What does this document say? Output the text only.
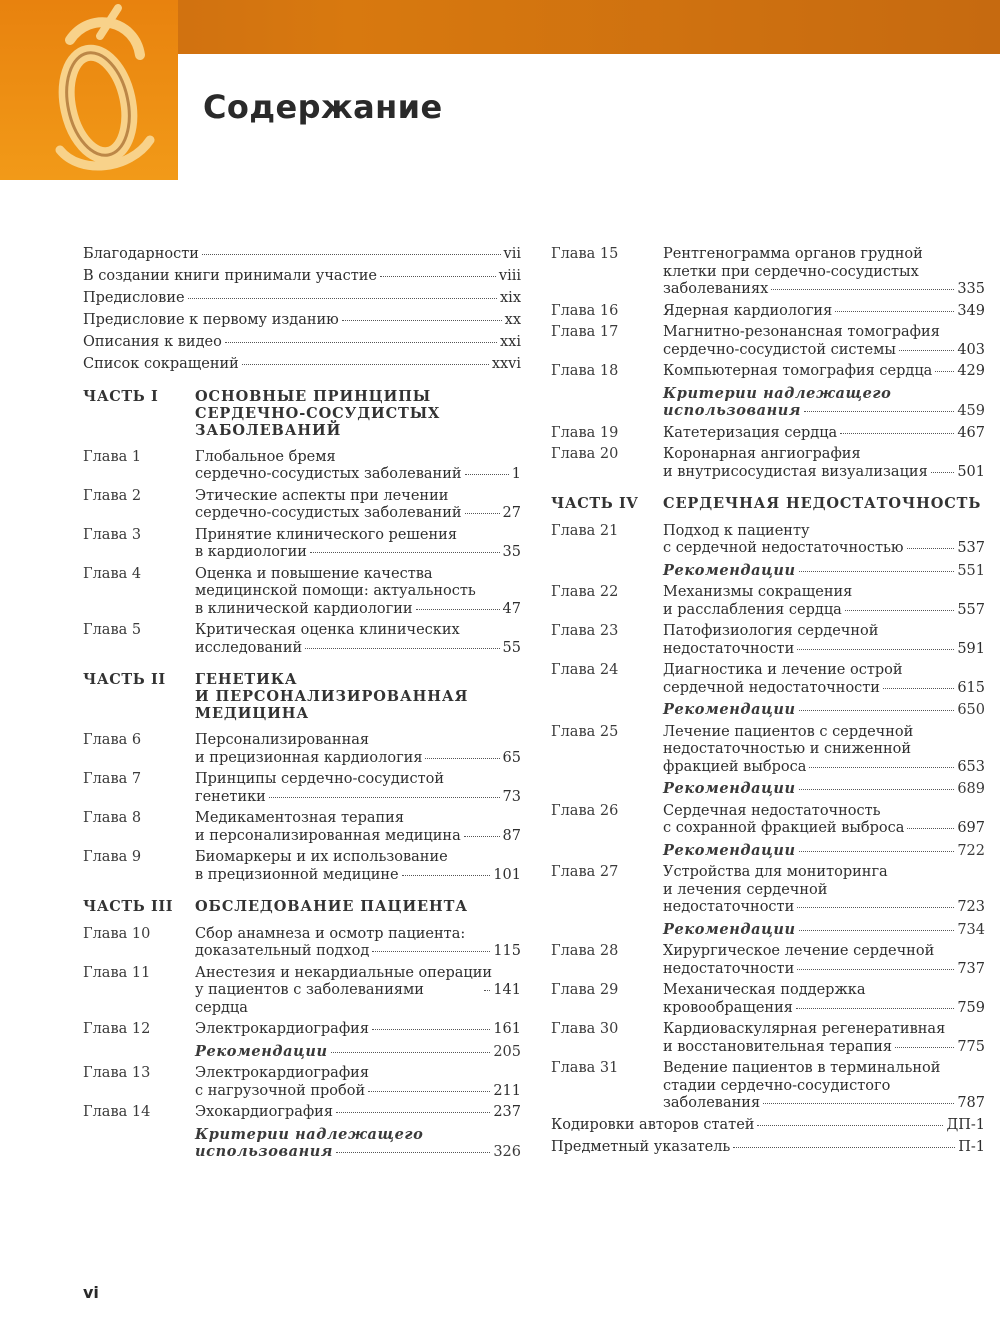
Содержание
Благодарности	vii
В создании книги принимали участие	viii
Предисловие	xix
Предисловие к первому изданию	xx
Описания к видео	xxi
Список сокращений	xxvi
ЧАСТЬ I	ОСНОВНЫЕ ПРИНЦИПЫ
СЕРДЕЧНО-СОСУДИСТЫХ
ЗАБОЛЕВАНИЙ
Глава 1	Глобальное бремя
сердечно-сосудистых заболеваний	1
Глава 2	Этические аспекты при лечении
сердечно-сосудистых заболеваний	27
Глава 3	Принятие клинического решения
в кардиологии	35
Глава 4	Оценка и повышение качества
медицинской помощи: актуальность
в клинической кардиологии	47
Глава 5	Критическая оценка клинических
исследований	55
ЧАСТЬ II	ГЕНЕТИКА
И ПЕРСОНАЛИЗИРОВАННАЯ
МЕДИЦИНА
Глава 6	Персонализированная
и прецизионная кардиология	65
Глава 7	Принципы сердечно-сосудистой
генетики	73
Глава 8	Медикаментозная терапия
и персонализированная медицина	87
Глава 9	Биомаркеры и их использование
в прецизионной медицине	101
ЧАСТЬ III	ОБСЛЕДОВАНИЕ ПАЦИЕНТА
Глава 10	Сбор анамнеза и осмотр пациента:
доказательный подход	115
Глава 11	Анестезия и некардиальные операции
у пациентов с заболеваниями сердца
141
Глава 12	Электрокардиография	161
Рекомендации	205
Глава 13	Электрокардиография
с нагрузочной пробой	211
Глава 14	Эхокардиография	237
Критерии надлежащего
использования	326
Глава 15	Рентгенограмма органов грудной
клетки при сердечно-сосудистых
заболеваниях	335
Глава 16	Ядерная кардиология	349
Глава 17	Магнитно-резонансная томография
сердечно-сосудистой системы	403
Глава 18	Компьютерная томография сердца 429
Критерии надлежащего
использования	459
Глава 19	Катетеризация сердца	467
Глава 20	Коронарная ангиография
и внутрисосудистая визуализация 501
ЧАСТЬ IV	СЕРДЕЧНАЯ НЕДОСТАТОЧНОСТЬ
Глава 21	Подход к пациенту
с сердечной недостаточностью	537
Рекомендации	551
Глава 22	Механизмы сокращения
и расслабления сердца	557
Глава 23	Патофизиология сердечной
недостаточности	591
Глава 24	Диагностика и лечение острой
сердечной недостаточности	615
Рекомендации	650
Глава 25	Лечение пациентов с сердечной
недостаточностью и сниженной
фракцией выброса	653
Рекомендации	689
Глава 26	Сердечная недостаточность
с сохранной фракцией выброса	697
Рекомендации	722
Глава 27	Устройства для мониторинга
и лечения сердечной
недостаточности	723
Рекомендации	734
Глава 28	Хирургическое лечение сердечной
недостаточности	737
Глава 29	Механическая поддержка
кровообращения	759
Глава 30	Кардиоваскулярная регенеративная
и восстановительная терапия	775
Глава 31	Ведение пациентов в терминальной
стадии сердечно-сосудистого
заболевания	787
Кодировки авторов статей	ДП-1
Предметный указатель	П-1
vi
